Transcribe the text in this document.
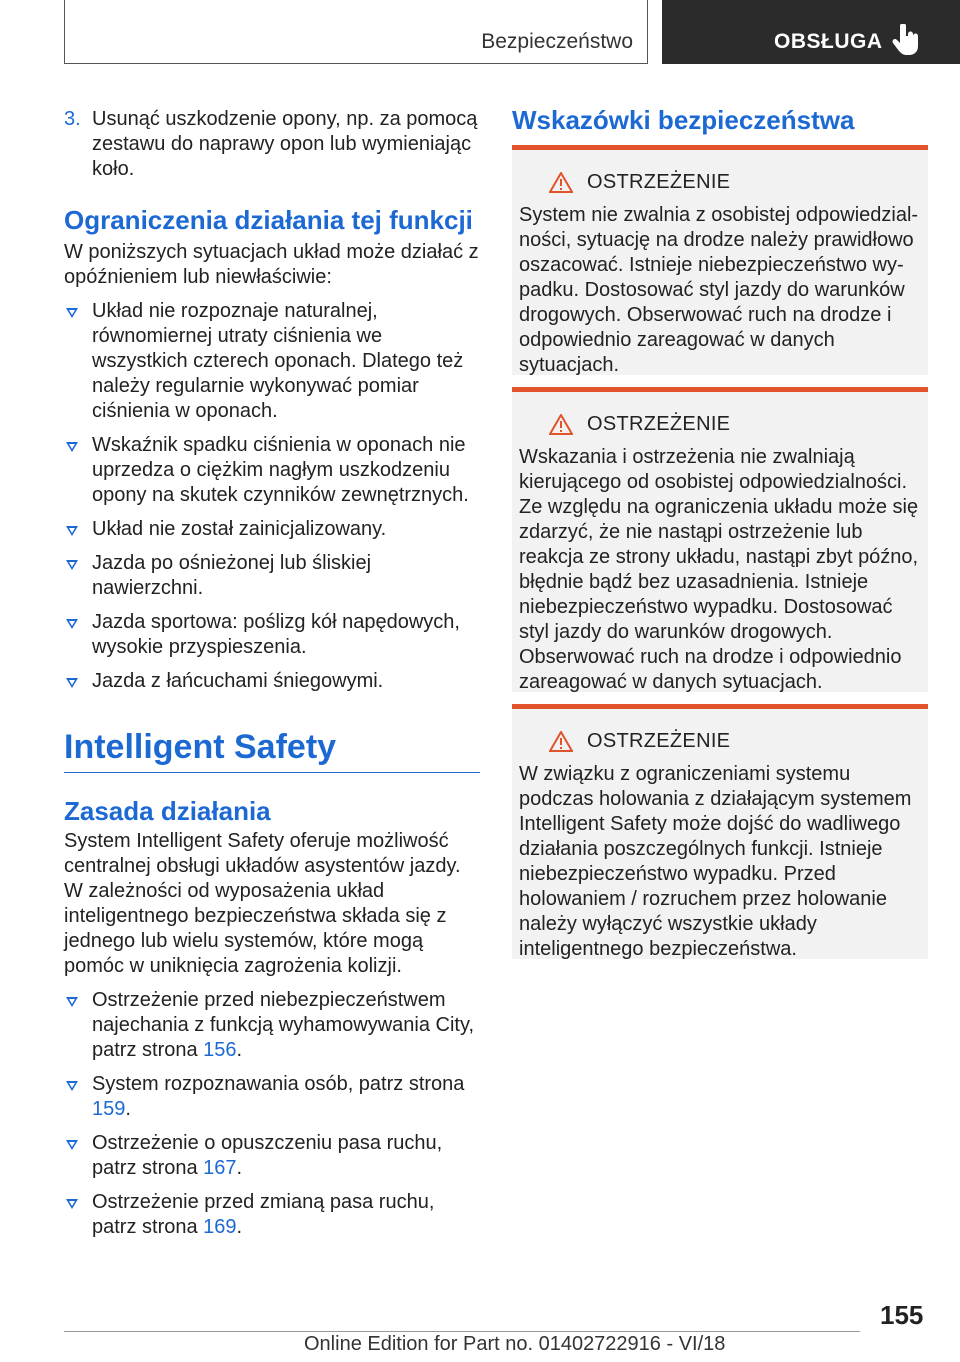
Bezpieczeństwo	OBSŁUGA
3. Usunąć uszkodzenie opony, np. za pomocą zestawu do naprawy opon lub wymieniając koło.

Ograniczenia działania tej funkcji

W poniższych sytuacjach układ może działać z opóźnieniem lub niewłaściwie:

Układ nie rozpoznaje naturalnej, równomiernej utraty ciśnienia we wszystkich czterech oponach. Dlatego też należy regularnie wykonywać pomiar ciśnienia w oponach.
Wskaźnik spadku ciśnienia w oponach nie uprzedza o ciężkim nagłym uszkodzeniu opony na skutek czynników zewnętrznych.
Układ nie został zainicjalizowany.
Jazda po ośnieżonej lub śliskiej nawierzchni.
Jazda sportowa: poślizg kół napędowych, wysokie przyspieszenia.
Jazda z łańcuchami śniegowymi.
Intelligent Safety
Zasada działania

System Intelligent Safety oferuje możliwość centralnej obsługi układów asystentów jazdy. W zależności od wyposażenia układ inteligentnego bezpieczeństwa składa się z jednego lub wielu systemów, które mogą pomóc w uniknięcia zagrożenia kolizji.

Ostrzeżenie przed niebezpieczeństwem najechania z funkcją wyhamowywania City, patrz strona 156.
System rozpoznawania osób, patrz strona 159.
Ostrzeżenie o opuszczeniu pasa ruchu, patrz strona 167.
Ostrzeżenie przed zmianą pasa ruchu, patrz strona 169.
Wskazówki bezpieczeństwa
OSTRZEŻENIE

System nie zwalnia z osobistej odpowiedzialności, sytuację na drodze należy prawidłowo oszacować. Istnieje niebezpieczeństwo wypadku. Dostosować styl jazdy do warunków drogowych. Obserwować ruch na drodze i odpowiednio zareagować w danych sytuacjach.

OSTRZEŻENIE

Wskazania i ostrzeżenia nie zwalniają kierującego od osobistej odpowiedzialności. Ze względu na ograniczenia układu może się zdarzyć, że nie nastąpi ostrzeżenie lub reakcja ze strony układu, nastąpi zbyt późno, błędnie bądź bez uzasadnienia. Istnieje niebezpieczeństwo wypadku. Dostosować styl jazdy do warunków drogowych. Obserwować ruch na drodze i odpowiednio zareagować w danych sytuacjach.

OSTRZEŻENIE

W związku z ograniczeniami systemu podczas holowania z działającym systemem Intelligent Safety może dojść do wadliwego działania poszczególnych funkcji. Istnieje niebezpieczeństwo wypadku. Przed holowaniem / rozruchem przez holowanie należy wyłączyć wszystkie układy inteligentnego bezpieczeństwa.

155
Online Edition for Part no. 01402722916 - VI/18
